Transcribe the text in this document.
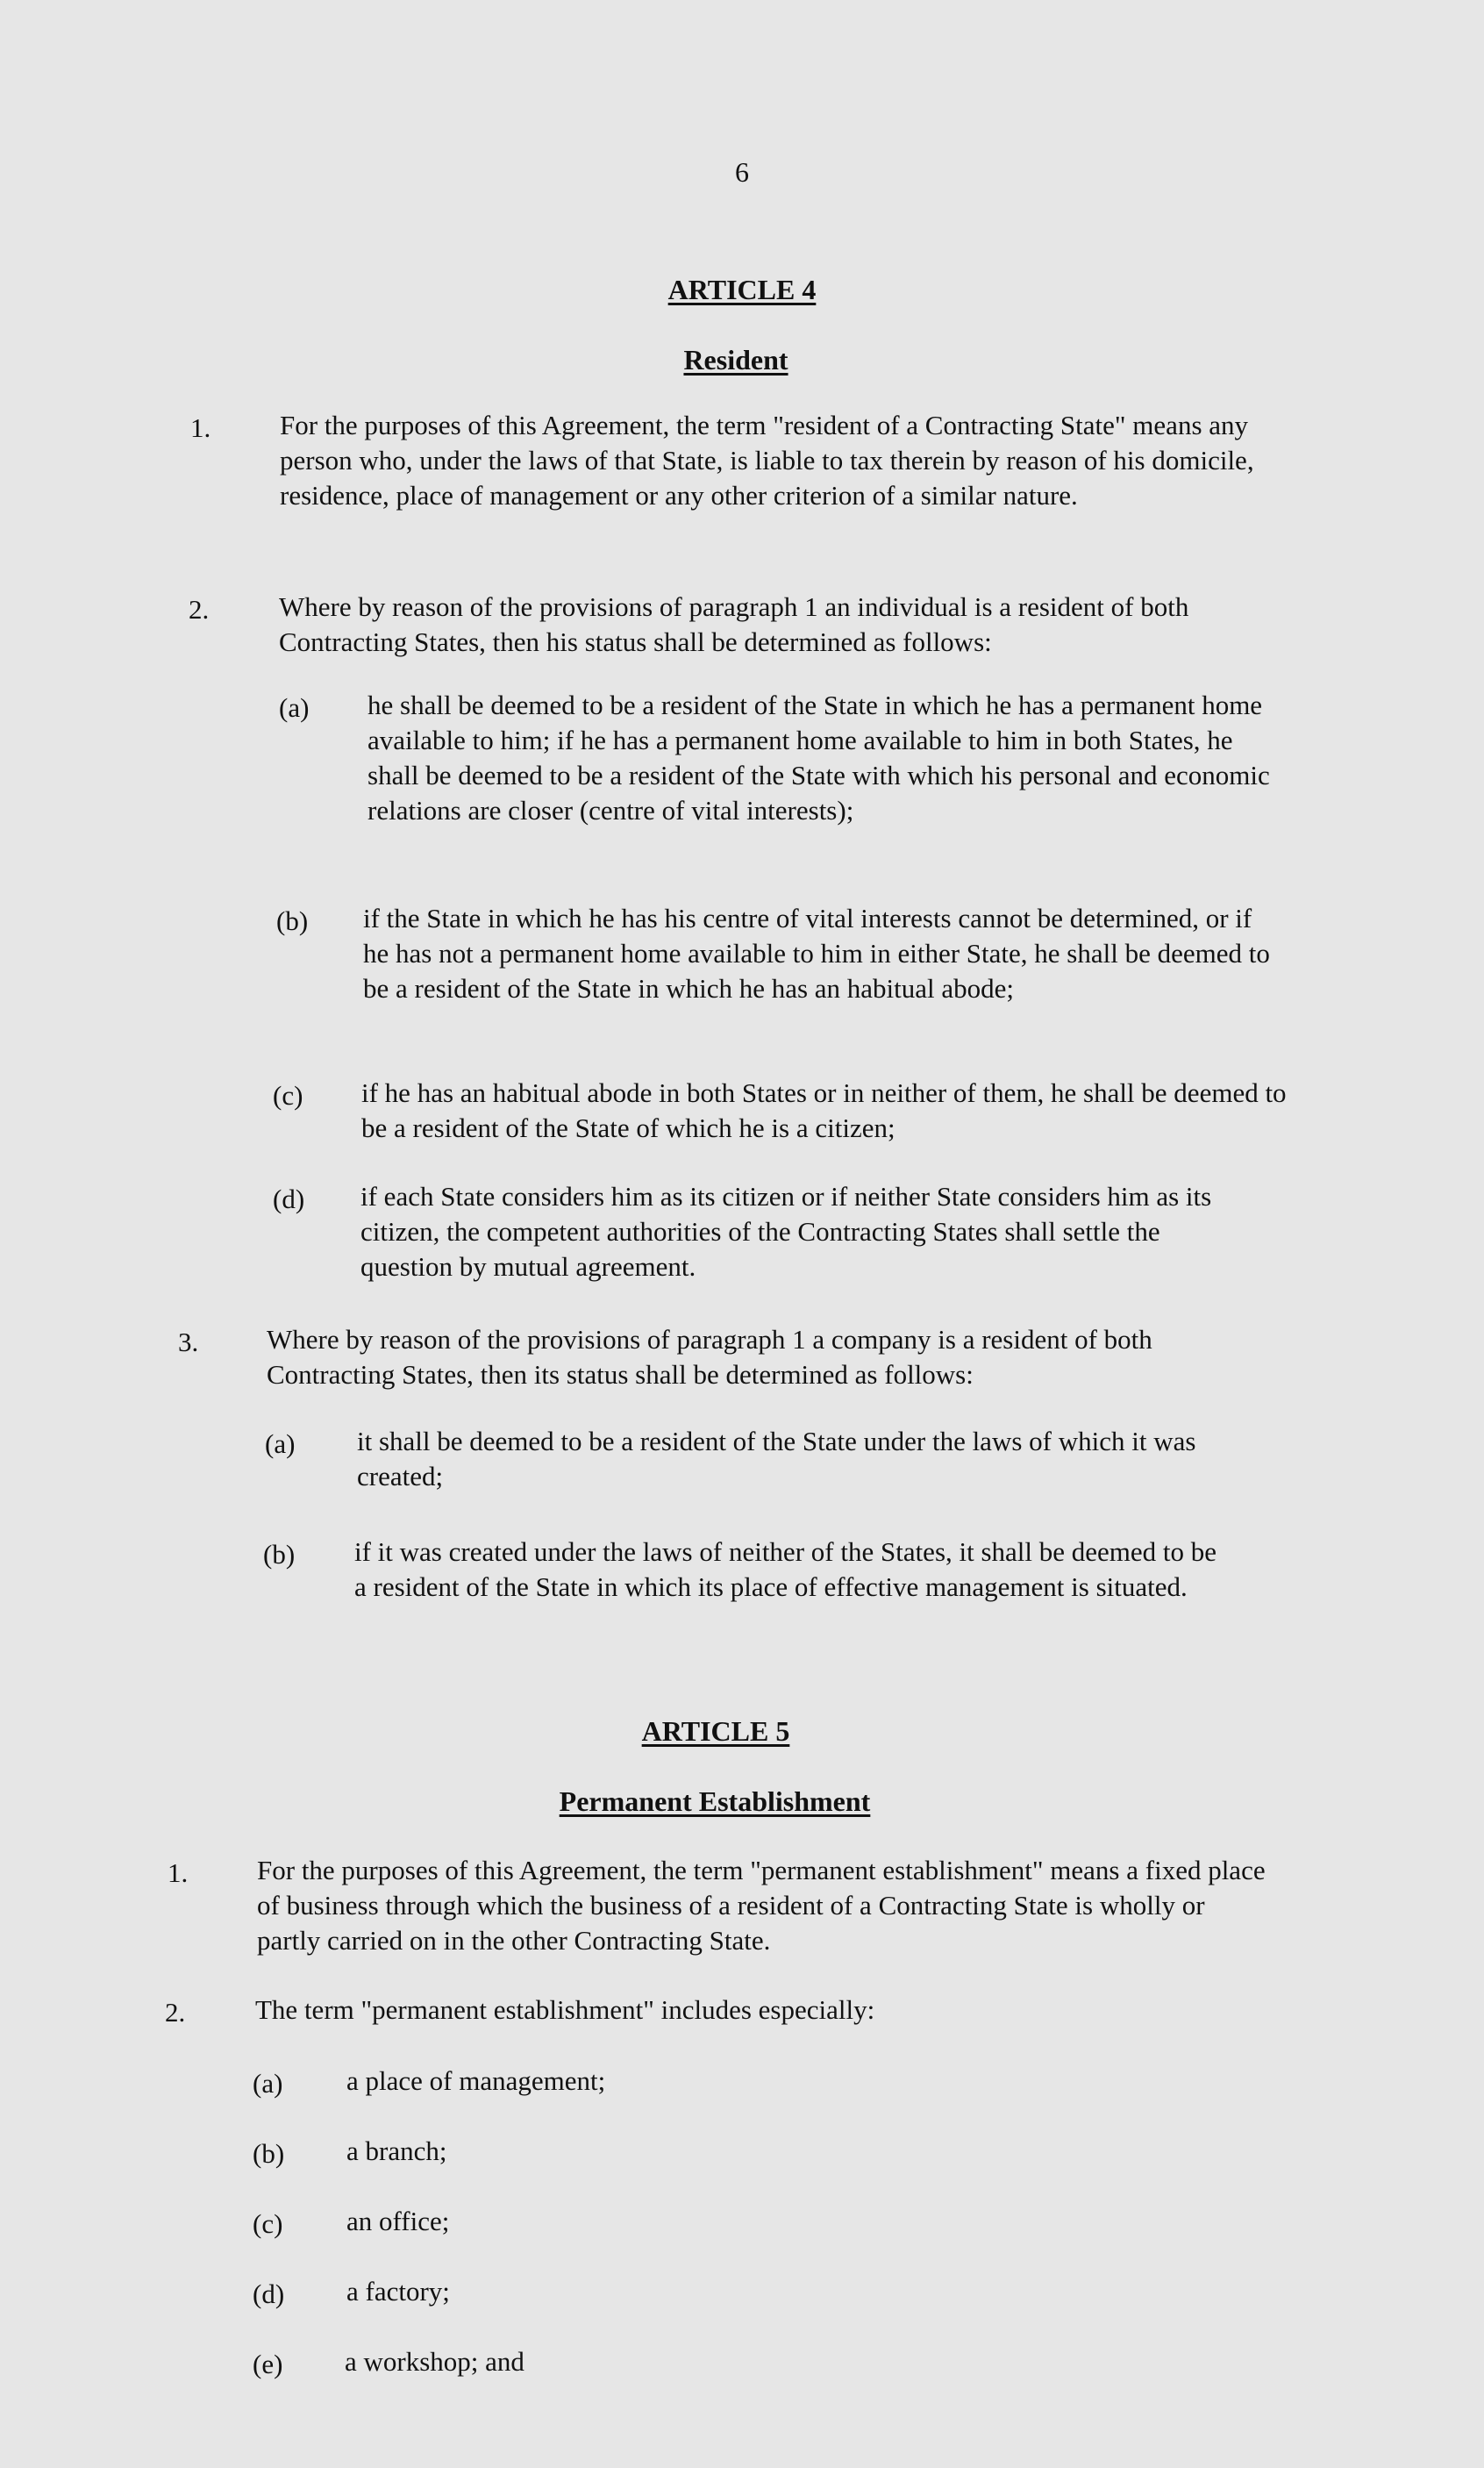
6
ARTICLE 4
Resident
1.	For the purposes of this Agreement, the term "resident of a Contracting State" means any person who, under the laws of that State, is liable to tax therein by reason of his domicile, residence, place of management or any other criterion of a similar nature.
2.	Where by reason of the provisions of paragraph 1 an individual is a resident of both Contracting States, then his status shall be determined as follows:
(a) he shall be deemed to be a resident of the State in which he has a permanent home available to him; if he has a permanent home available to him in both States, he shall be deemed to be a resident of the State with which his personal and economic relations are closer (centre of vital interests);
(b) if the State in which he has his centre of vital interests cannot be determined, or if he has not a permanent home available to him in either State, he shall be deemed to be a resident of the State in which he has an habitual abode;
(c) if he has an habitual abode in both States or in neither of them, he shall be deemed to be a resident of the State of which he is a citizen;
(d) if each State considers him as its citizen or if neither State considers him as its citizen, the competent authorities of the Contracting States shall settle the question by mutual agreement.
3.	Where by reason of the provisions of paragraph 1 a company is a resident of both Contracting States, then its status shall be determined as follows:
(a) it shall be deemed to be a resident of the State under the laws of which it was created;
(b) if it was created under the laws of neither of the States, it shall be deemed to be a resident of the State in which its place of effective management is situated.
ARTICLE 5
Permanent Establishment
1.	For the purposes of this Agreement, the term "permanent establishment" means a fixed place of business through which the business of a resident of a Contracting State is wholly or partly carried on in the other Contracting State.
2.	The term "permanent establishment" includes especially:
(a) a place of management;
(b) a branch;
(c) an office;
(d) a factory;
(e) a workshop; and
